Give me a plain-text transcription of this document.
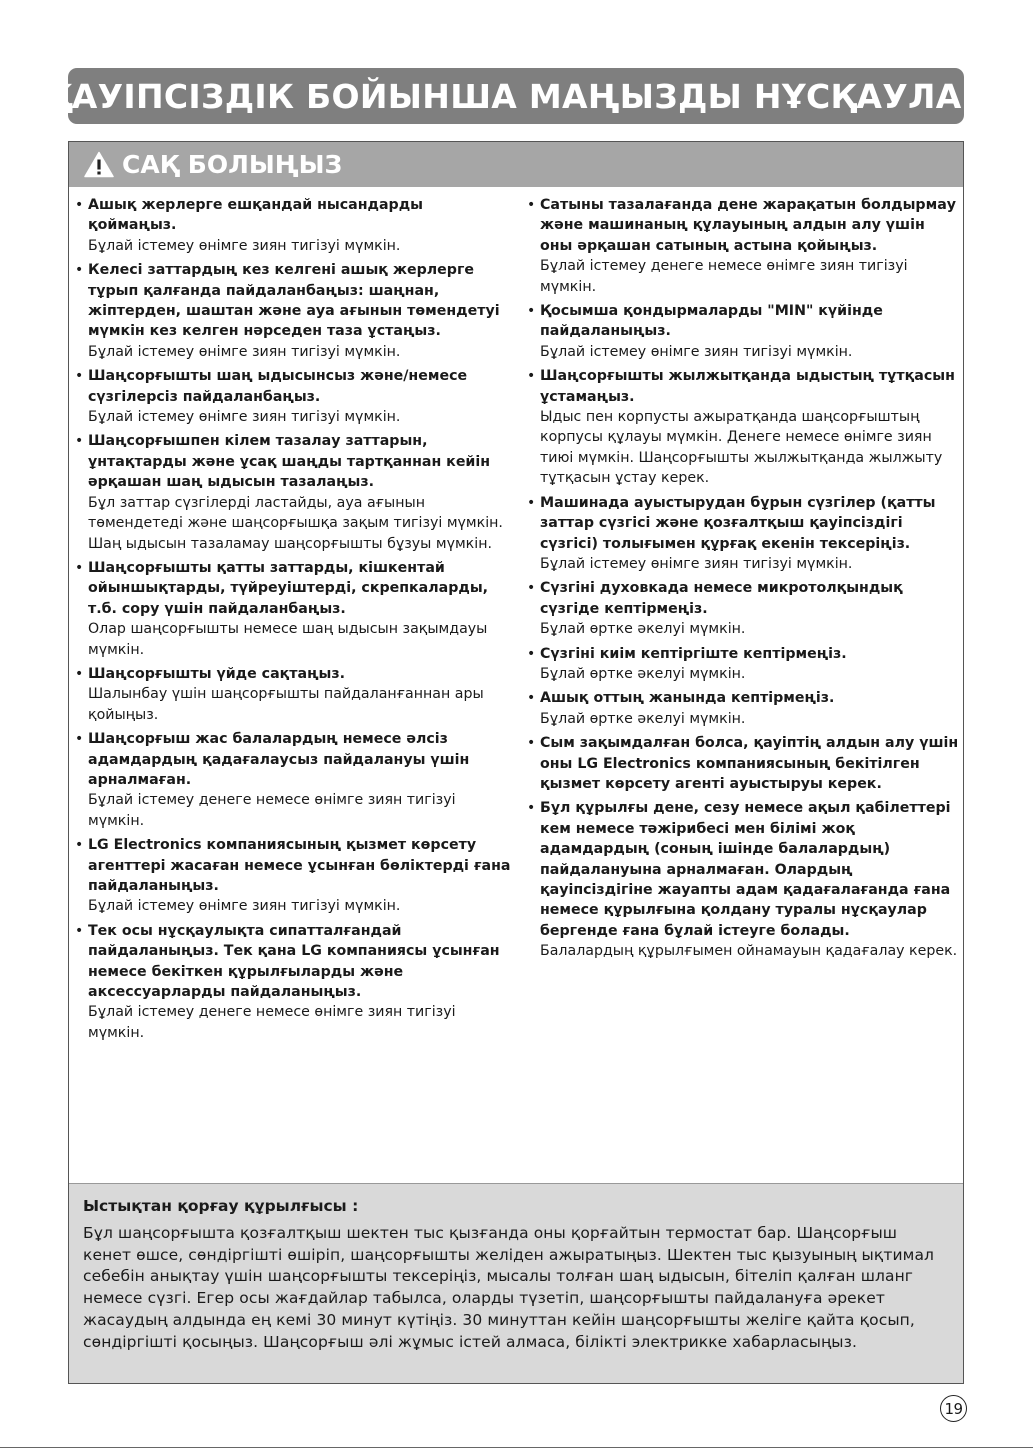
ҚАУІПСІЗДІК БОЙЫНША МАҢЫЗДЫ НҰСҚАУЛАР
САҚ БОЛЫҢЫЗ
• Ашық жерлерге ешқандай нысандарды қоймаңыз.
Бұлай істемеу өнімге зиян тигізуі мүмкін.
• Келесі заттардың кез келгені ашық жерлерге тұрып қалғанда пайдаланбаңыз: шаңнан, жіптерден, шаштан және ауа ағынын төмендетуі мүмкін кез келген нәрседен таза ұстаңыз.
Бұлай істемеу өнімге зиян тигізуі мүмкін.
• Шаңсорғышты шаң ыдысынсыз және/немесе сүзгілерсіз пайдаланбаңыз.
Бұлай істемеу өнімге зиян тигізуі мүмкін.
• Шаңсорғышпен кілем тазалау заттарын, ұнтақтарды және ұсақ шаңды тартқаннан кейін әрқашан шаң ыдысын тазалаңыз.
Бұл заттар сүзгілерді ластайды, ауа ағынын төмендетеді және шаңсорғышқа зақым тигізуі мүмкін. Шаң ыдысын тазаламау шаңсорғышты бұзуы мүмкін.
• Шаңсорғышты қатты заттарды, кішкентай ойыншықтарды, түйреуіштерді, скрепкаларды, т.б. сору үшін пайдаланбаңыз.
Олар шаңсорғышты немесе шаң ыдысын зақымдауы мүмкін.
• Шаңсорғышты үйде сақтаңыз.
Шалынбау үшін шаңсорғышты пайдаланғаннан ары қойыңыз.
• Шаңсорғыш жас балалардың немесе әлсіз адамдардың қадағалаусыз пайдалануы үшін арналмаған.
Бұлай істемеу денеге немесе өнімге зиян тигізуі мүмкін.
• LG Electronics компаниясының қызмет көрсету агенттері жасаған немесе ұсынған бөліктерді ғана пайдаланыңыз.
Бұлай істемеу өнімге зиян тигізуі мүмкін.
• Тек осы нұсқаулықта сипатталғандай пайдаланыңыз. Тек қана LG компаниясы ұсынған немесе бекіткен құрылғыларды және аксессуарларды пайдаланыңыз.
Бұлай істемеу денеге немесе өнімге зиян тигізуі мүмкін.
• Сатыны тазалағанда дене жарақатын болдырмау және машинаның құлауының алдын алу үшін оны әрқашан сатының астына қойыңыз.
Бұлай істемеу денеге немесе өнімге зиян тигізуі мүмкін.
• Қосымша қондырмаларды "MIN" күйінде пайдаланыңыз.
Бұлай істемеу өнімге зиян тигізуі мүмкін.
• Шаңсорғышты жылжытқанда ыдыстың тұтқасын ұстамаңыз.
Ыдыс пен корпусты ажыратқанда шаңсорғыштың корпусы құлауы мүмкін. Денеге немесе өнімге зиян тиюі мүмкін. Шаңсорғышты жылжытқанда жылжыту тұтқасын ұстау керек.
• Машинада ауыстырудан бұрын сүзгілер (қатты заттар сүзгісі және қозғалтқыш қауіпсіздігі сүзгісі) толығымен құрғақ екенін тексеріңіз.
Бұлай істемеу өнімге зиян тигізуі мүмкін.
• Сүзгіні духовкада немесе микротолқындық сүзгіде кептірмеңіз.
Бұлай өртке әкелуі мүмкін.
• Сүзгіні киім кептіргіште кептірмеңіз.
Бұлай өртке әкелуі мүмкін.
• Ашық оттың жанында кептірмеңіз.
Бұлай өртке әкелуі мүмкін.
• Сым зақымдалған болса, қауіптің алдын алу үшін оны LG Electronics компаниясының бекітілген қызмет көрсету агенті ауыстыруы керек.
• Бұл құрылғы дене, сезу немесе ақыл қабілеттері кем немесе тәжірибесі мен білімі жоқ адамдардың (соның ішінде балалардың) пайдалануына арналмаған. Олардың қауіпсіздігіне жауапты адам қадағалағанда ғана немесе құрылғына қолдану туралы нұсқаулар бергенде ғана бұлай істеуге болады.
Балалардың құрылғымен ойнамауын қадағалау керек.
Ыстықтан қорғау құрылғысы :
Бұл шаңсорғышта қозғалтқыш шектен тыс қызғанда оны қорғайтын термостат бар. Шаңсорғыш кенет өшсе, сөндіргішті өшіріп, шаңсорғышты желіден ажыратыңыз. Шектен тыс қызуының ықтимал себебін анықтау үшін шаңсорғышты тексеріңіз, мысалы толған шаң ыдысын, бітеліп қалған шланг немесе сүзгі. Егер осы жағдайлар табылса, оларды түзетіп, шаңсорғышты пайдалануға әрекет жасаудың алдында ең кемі 30 минут күтіңіз. 30 минуттан кейін шаңсорғышты желіге қайта қосып, сөндіргішті қосыңыз. Шаңсорғыш әлі жұмыс істей алмаса, білікті электрикке хабарласыңыз.
19
